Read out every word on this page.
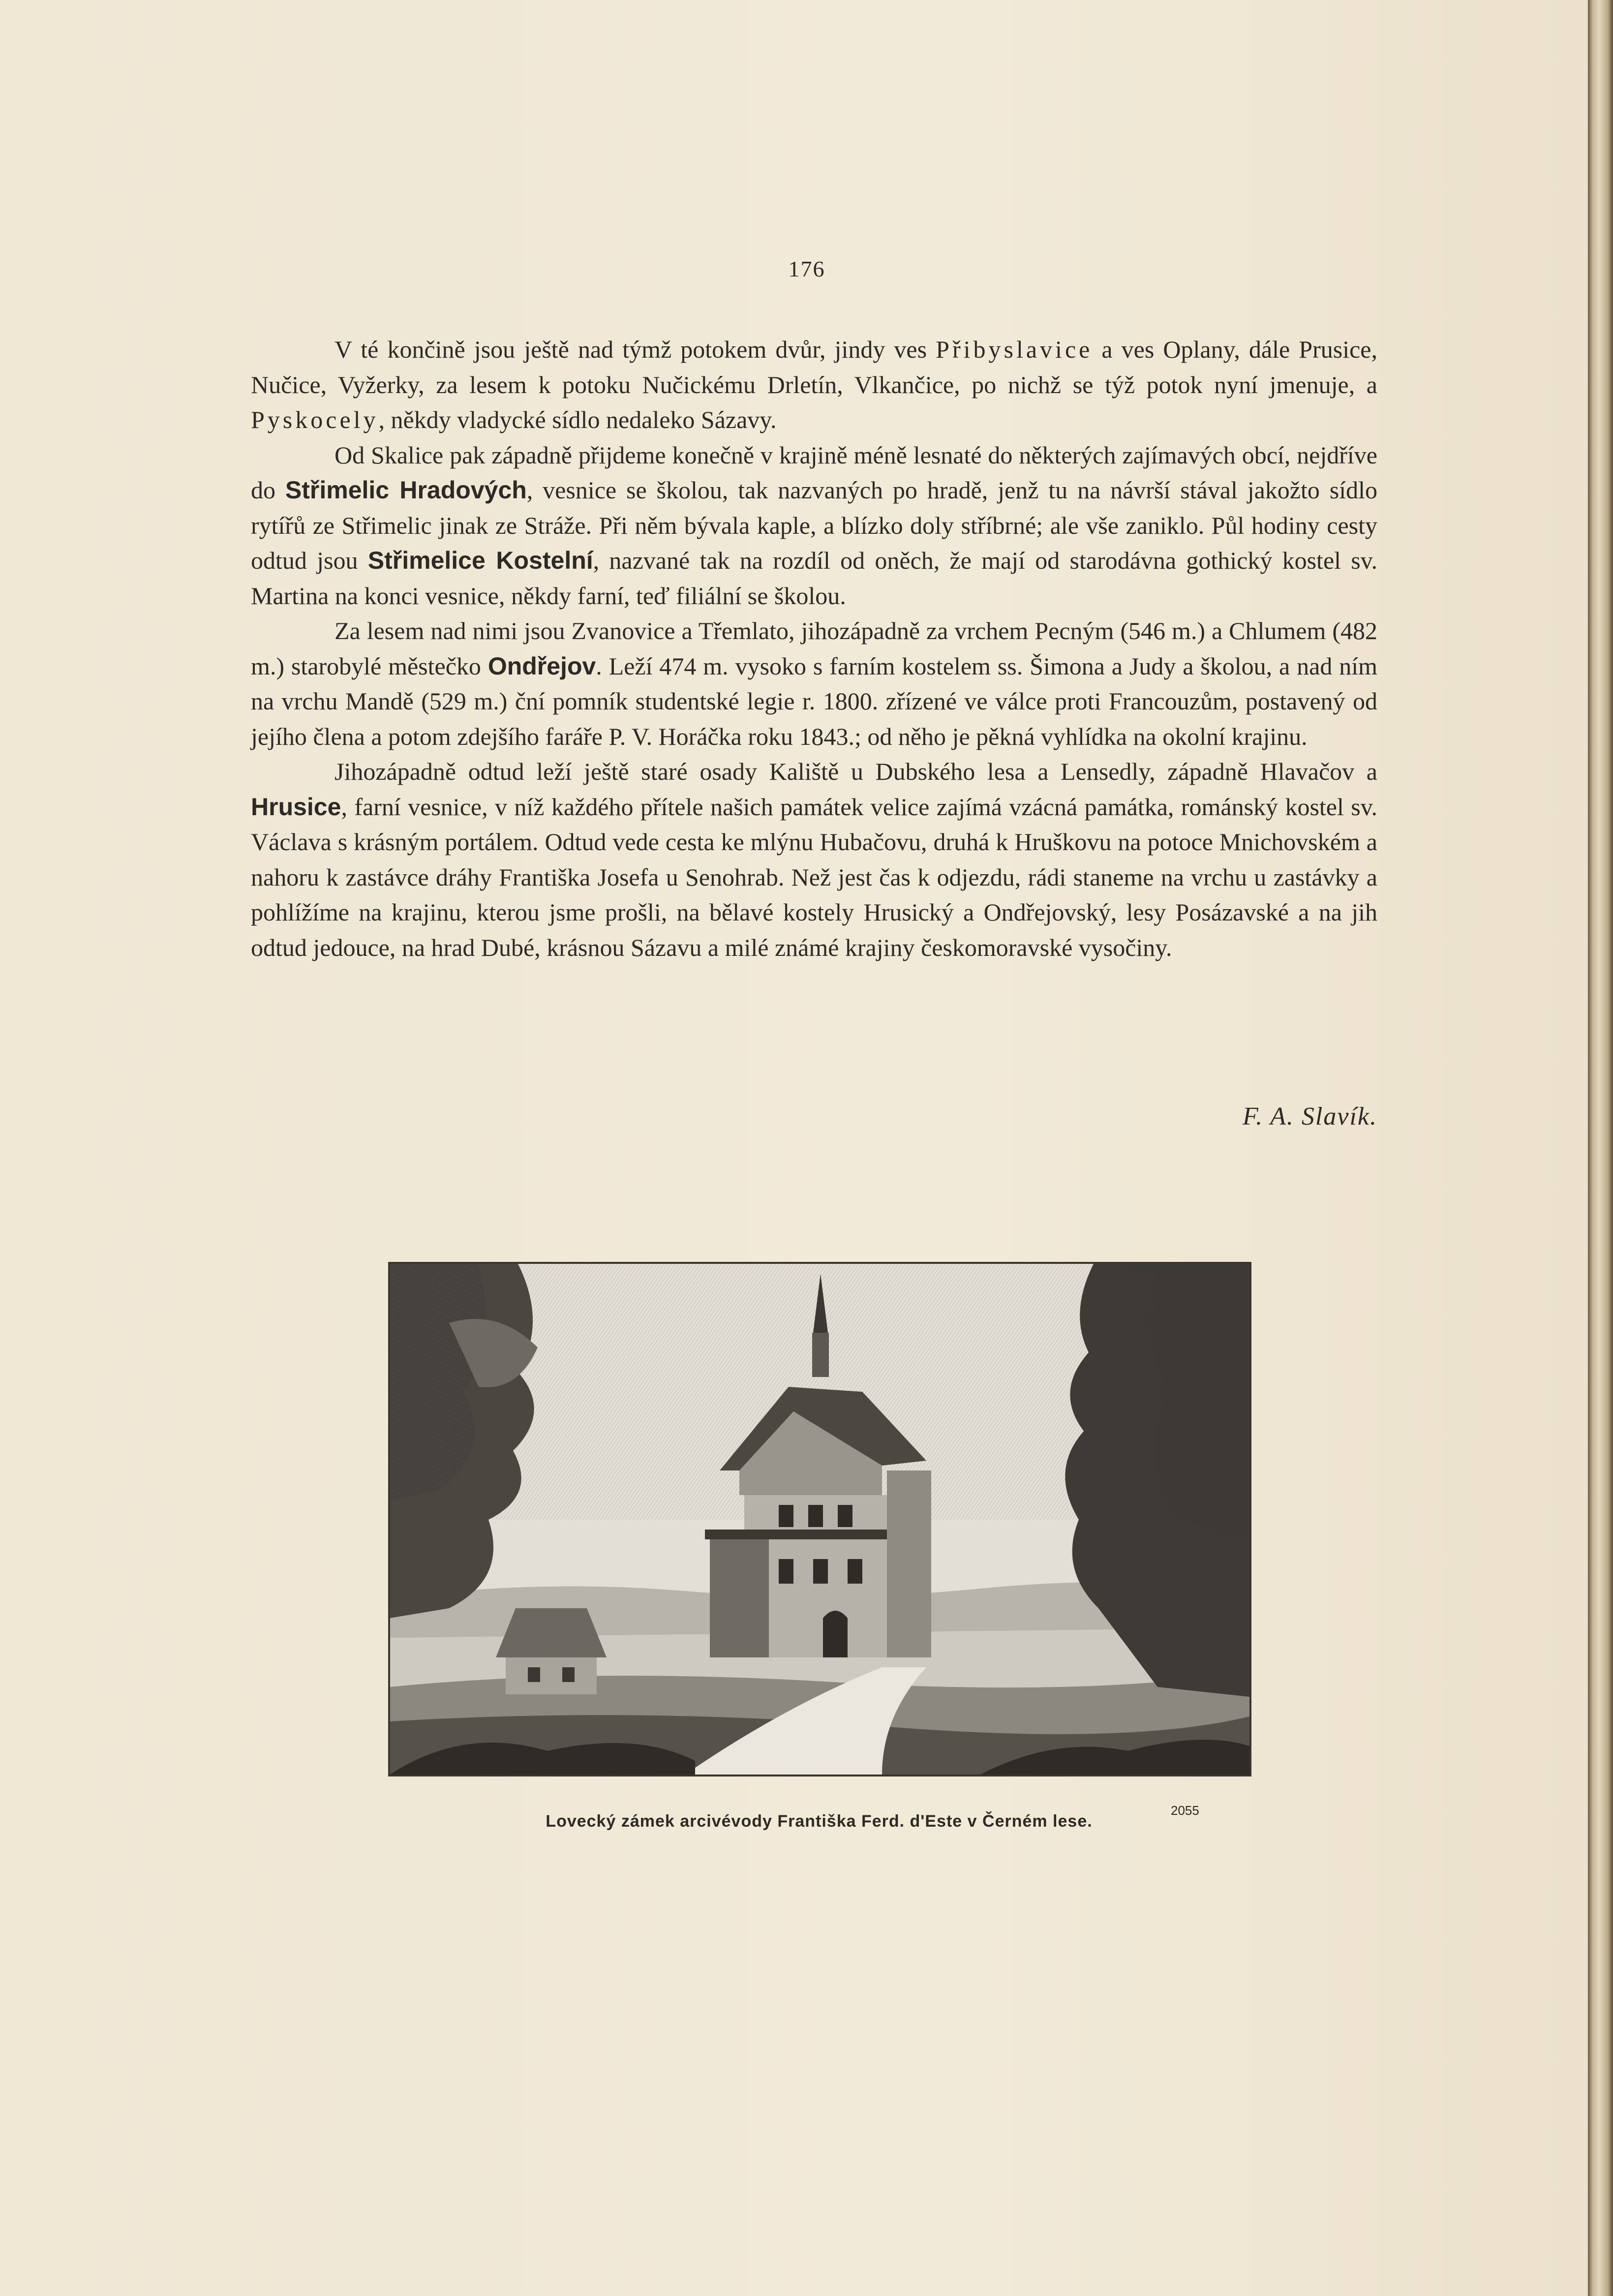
176

V té končině jsou ještě nad týmž potokem dvůr, jindy ves Přibyslavice a ves Oplany, dále Prusice, Nučice, Vyžerky, za lesem k potoku Nučickému Drletín, Vlkančice, po nichž se týž potok nyní jmenuje, a Pyskocely, někdy vladycké sídlo nedaleko Sázavy.

Od Skalice pak západně přijdeme konečně v krajině méně lesnaté do některých zajímavých obcí, nejdříve do Střimelic Hradových, vesnice se školou, tak nazvaných po hradě, jenž tu na návrší stával jakožto sídlo rytířů ze Střimelic jinak ze Stráže. Při něm bývala kaple, a blízko doly stříbrné; ale vše zaniklo. Půl hodiny cesty odtud jsou Střimelice Kostelní, nazvané tak na rozdíl od oněch, že mají od starodávna gothický kostel sv. Martina na konci vesnice, někdy farní, teď filiální se školou.

Za lesem nad nimi jsou Zvanovice a Třemlato, jihozápadně za vrchem Pecným (546 m.) a Chlumem (482 m.) starobylé městečko Ondřejov. Leží 474 m. vysoko s farním kostelem ss. Šimona a Judy a školou, a nad ním na vrchu Mandě (529 m.) ční pomník studentské legie r. 1800. zřízené ve válce proti Francouzům, postavený od jejího člena a potom zdejšího faráře P. V. Horáčka roku 1843.; od něho je pěkná vyhlídka na okolní krajinu.

Jihozápadně odtud leží ještě staré osady Kaliště u Dubského lesa a Lensedly, západně Hlavačov a Hrusice, farní vesnice, v níž každého přítele našich památek velice zajímá vzácná památka, románský kostel sv. Václava s krásným portálem. Odtud vede cesta ke mlýnu Hubačovu, druhá k Hruškovu na potoce Mnichovském a nahoru k zastávce dráhy Františka Josefa u Senohrab. Než jest čas k odjezdu, rádi staneme na vrchu u zastávky a pohlížíme na krajinu, kterou jsme prošli, na bělavé kostely Hrusický a Ondřejovský, lesy Posázavské a na jih odtud jedouce, na hrad Dubé, krásnou Sázavu a milé známé krajiny českomoravské vysočiny.

F. A. Slavík.
Lovecký zámek arcivévody Františka Ferd. d'Este v Černém lese.
2055
